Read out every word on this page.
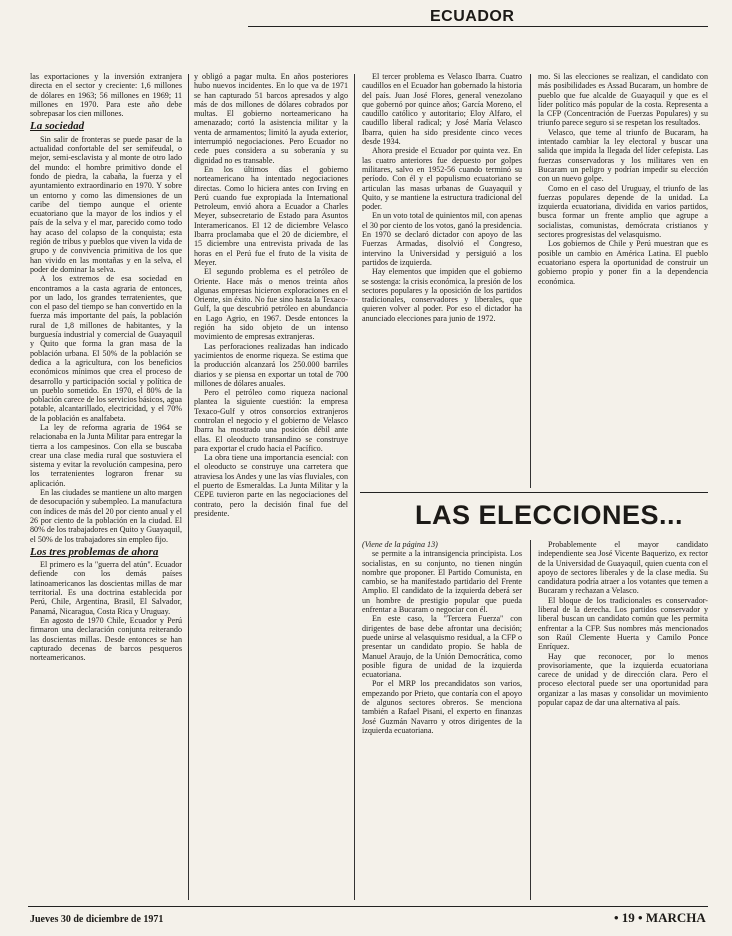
ECUADOR

las exportaciones y la inversión extranjera directa en el sector y creciente: 1,6 millones de dólares en 1963; 56 millones en 1969; 11 millones en 1970. Para este año debe sobrepasar los cien millones.

La sociedad

Sin salir de fronteras se puede pasar de la actualidad confortable del ser semifeudal, o mejor, semi-esclavista y al monte de otro lado del mundo: el hombre primitivo donde el fondo de piedra, la cabaña, la fuerza y el ayuntamiento extraordinario en 1970. Y sobre un entorno y como las dimensiones de un caribe del tiempo aunque el oriente ecuatoriano que la mayor de los indios y el país de la selva y el mar, parecido como todo hay acaso del colapso de la conquista; esta región de tribus y pueblos que viven la vida de grupo y de convivencia primitiva de los que han vivido en las montañas y en la selva, el poder de dominar la selva.

A los extremos de esa sociedad en encontramos a la casta agraria de entonces, por un lado, los grandes terratenientes, que con el paso del tiempo se han convertido en la fuerza más importante del país, la población rural de 1,8 millones de habitantes, y la burguesía industrial y comercial de Guayaquil y Quito que forma la gran masa de la población urbana. El 50% de la población se dedica a la agricultura, con los beneficios económicos mínimos que crea el proceso de desarrollo y participación social y política de un pueblo sometido. En 1970, el 80% de la población carece de los servicios básicos, agua potable, alcantarillado, electricidad, y el 70% de la población es analfabeta.

La ley de reforma agraria de 1964 se relacionaba en la Junta Militar para entregar la tierra a los campesinos. Con ella se buscaba crear una clase media rural que sostuviera el sistema y evitar la revolución campesina, pero los terratenientes lograron frenar su aplicación.

En las ciudades se mantiene un alto margen de desocupación y subempleo. La manufactura con índices de más del 20 por ciento anual y el 26 por ciento de la población en la ciudad. El 80% de los trabajadores en Quito y Guayaquil, el 50% de los trabajadores sin empleo fijo.

Los tres problemas de ahora

El primero es la "guerra del atún". Ecuador defiende con los demás países latinoamericanos las doscientas millas de mar territorial. Es una doctrina establecida por Perú, Chile, Argentina, Brasil, El Salvador, Panamá, Nicaragua, Costa Rica y Uruguay.

En agosto de 1970 Chile, Ecuador y Perú firmaron una declaración conjunta reiterando las doscientas millas. Desde entonces se han capturado decenas de barcos pesqueros norteamericanos.

y obligó a pagar multa. En años posteriores hubo nuevos incidentes. En lo que va de 1971 se han capturado 51 barcos apresados y algo más de dos millones de dólares cobrados por multas. El gobierno norteamericano ha amenazado; cortó la asistencia militar y la venta de armamentos; limitó la ayuda exterior, interrumpió negociaciones. Pero Ecuador no cede pues considera a su soberanía y su dignidad no es transable.

En los últimos días el gobierno norteamericano ha intentado negociaciones directas. Como lo hiciera antes con Irving en Perú cuando fue expropiada la International Petroleum, envió ahora a Ecuador a Charles Meyer, subsecretario de Estado para Asuntos Interamericanos. El 12 de diciembre Velasco Ibarra proclamaba que el 20 de diciembre, el 15 diciembre una entrevista privada de las horas en el Perú fue el fruto de la visita de Meyer.

El segundo problema es el petróleo de Oriente. Hace más o menos treinta años algunas empresas hicieron exploraciones en el Oriente, sin éxito. No fue sino hasta la Texaco-Gulf, la que descubrió petróleo en abundancia en Lago Agrio, en 1967. Desde entonces la región ha sido objeto de un intenso movimiento de empresas extranjeras.

Las perforaciones realizadas han indicado yacimientos de enorme riqueza. Se estima que la producción alcanzará los 250.000 barriles diarios y se piensa en exportar un total de 700 millones de dólares anuales.

Pero el petróleo como riqueza nacional plantea la siguiente cuestión: la empresa Texaco-Gulf y otros consorcios extranjeros controlan el negocio y el gobierno de Velasco Ibarra ha mostrado una posición débil ante ellas. El oleoducto transandino se construye para exportar el crudo hacia el Pacífico.

La obra tiene una importancia esencial: con el oleoducto se construye una carretera que atraviesa los Andes y une las vías fluviales, con el puerto de Esmeraldas. La Junta Militar y la CEPE tuvieron parte en las negociaciones del contrato, pero la decisión final fue del presidente.

El tercer problema es Velasco Ibarra. Cuatro caudillos en el Ecuador han gobernado la historia del país. Juan José Flores, general venezolano que gobernó por quince años; García Moreno, el caudillo católico y autoritario; Eloy Alfaro, el caudillo liberal radical; y José María Velasco Ibarra, quien ha sido presidente cinco veces desde 1934.

Ahora preside el Ecuador por quinta vez. En las cuatro anteriores fue depuesto por golpes militares, salvo en 1952-56 cuando terminó su período. Con él y el populismo ecuatoriano se articulan las masas urbanas de Guayaquil y Quito, y se mantiene la estructura tradicional del poder.

En un voto total de quinientos mil, con apenas el 30 por ciento de los votos, ganó la presidencia. En 1970 se declaró dictador con apoyo de las Fuerzas Armadas, disolvió el Congreso, intervino la Universidad y persiguió a los partidos de izquierda.

Hay elementos que impiden que el gobierno se sostenga: la crisis económica, la presión de los sectores populares y la oposición de los partidos tradicionales, conservadores y liberales, que quieren volver al poder. Por eso el dictador ha anunciado elecciones para junio de 1972.

mo. Si las elecciones se realizan, el candidato con más posibilidades es Assad Bucaram, un hombre de pueblo que fue alcalde de Guayaquil y que es el líder político más popular de la costa. Representa a la CFP (Concentración de Fuerzas Populares) y su triunfo parece seguro si se respetan los resultados.

Velasco, que teme al triunfo de Bucaram, ha intentado cambiar la ley electoral y buscar una salida que impida la llegada del líder cefepista. Las fuerzas conservadoras y los militares ven en Bucaram un peligro y podrían impedir su elección con un nuevo golpe.

Como en el caso del Uruguay, el triunfo de las fuerzas populares depende de la unidad. La izquierda ecuatoriana, dividida en varios partidos, busca formar un frente amplio que agrupe a socialistas, comunistas, demócrata cristianos y sectores progresistas del velasquismo.

Los gobiernos de Chile y Perú muestran que es posible un cambio en América Latina. El pueblo ecuatoriano espera la oportunidad de construir un gobierno propio y poner fin a la dependencia económica.

LAS ELECCIONES...

(Viene de la página 13)

se permite a la intransigencia principista. Los socialistas, en su conjunto, no tienen ningún nombre que proponer. El Partido Comunista, en cambio, se ha manifestado partidario del Frente Amplio. El candidato de la izquierda deberá ser un hombre de prestigio popular que pueda enfrentar a Bucaram o negociar con él.

En este caso, la "Tercera Fuerza" con dirigentes de base debe afrontar una decisión; puede unirse al velasquismo residual, a la CFP o presentar un candidato propio. Se habla de Manuel Araujo, de la Unión Democrática, como posible figura de unidad de la izquierda ecuatoriana.

Por el MRP los precandidatos son varios, empezando por Prieto, que contaría con el apoyo de algunos sectores obreros. Se menciona también a Rafael Pisani, el experto en finanzas José Guzmán Navarro y otros dirigentes de la izquierda ecuatoriana.

Probablemente el mayor candidato independiente sea José Vicente Baquerizo, ex rector de la Universidad de Guayaquil, quien cuenta con el apoyo de sectores liberales y de la clase media. Su candidatura podría atraer a los votantes que temen a Bucaram y rechazan a Velasco.

El bloque de los tradicionales es conservador-liberal de la derecha. Los partidos conservador y liberal buscan un candidato común que les permita enfrentar a la CFP. Sus nombres más mencionados son Raúl Clemente Huerta y Camilo Ponce Enríquez.

Hay que reconocer, por lo menos provisoriamente, que la izquierda ecuatoriana carece de unidad y de dirección clara. Pero el proceso electoral puede ser una oportunidad para organizar a las masas y consolidar un movimiento popular capaz de dar una alternativa al país.

Jueves 30 de diciembre de 1971	• 19 • MARCHA
